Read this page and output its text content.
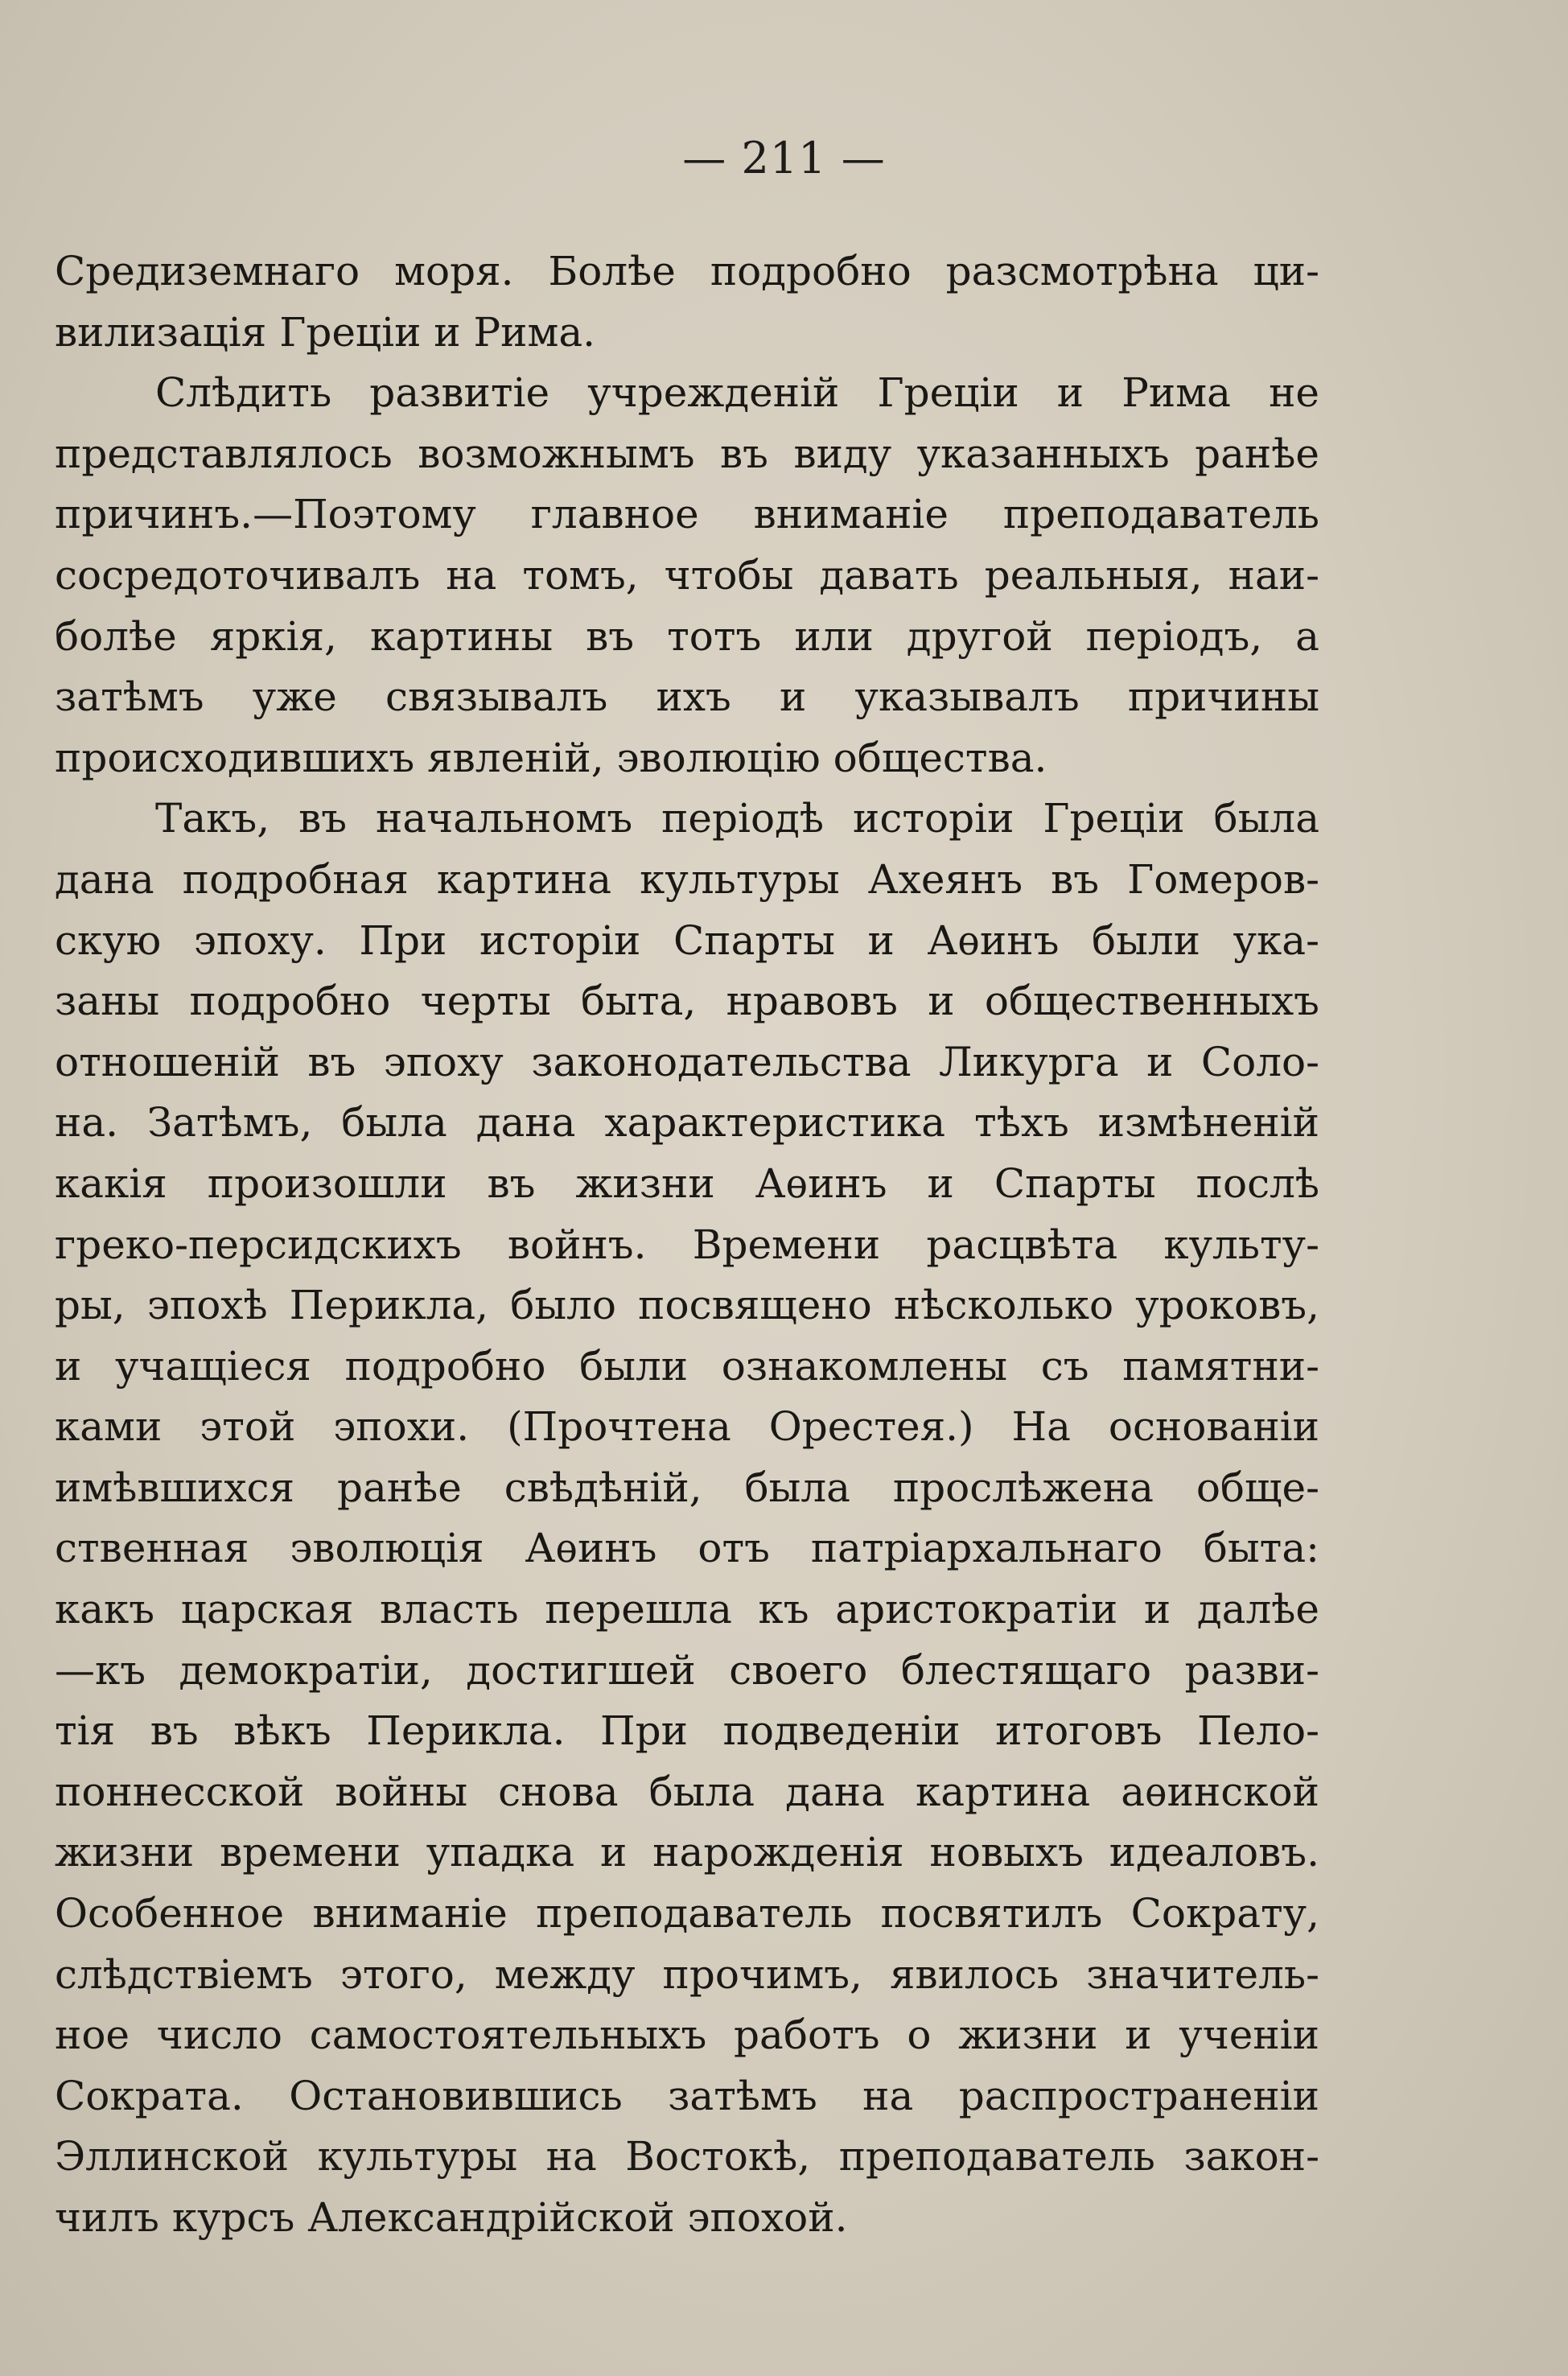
— 211 —
Средиземнаго моря. Болѣе подробно разсмотрѣна ци-
вилизація Греціи и Рима.
Слѣдить развитіе учрежденій Греціи и Рима не
представлялось возможнымъ въ виду указанныхъ ранѣе
причинъ.—Поэтому главное вниманіе преподаватель
сосредоточивалъ на томъ, чтобы давать реальныя, наи-
болѣе яркія, картины въ тотъ или другой періодъ, а
затѣмъ уже связывалъ ихъ и указывалъ причины
происходившихъ явленій, эволюцію общества.
Такъ, въ начальномъ періодѣ исторіи Греціи была
дана подробная картина культуры Ахеянъ въ Гомеров-
скую эпоху. При исторіи Спарты и Аѳинъ были ука-
заны подробно черты быта, нравовъ и общественныхъ
отношеній въ эпоху законодательства Ликурга и Соло-
на. Затѣмъ, была дана характеристика тѣхъ измѣненій
какія произошли въ жизни Аѳинъ и Спарты послѣ
греко-персидскихъ войнъ. Времени расцвѣта культу-
ры, эпохѣ Перикла, было посвящено нѣсколько уроковъ,
и учащіеся подробно были ознакомлены съ памятни-
ками этой эпохи. (Прочтена Орестея.) На основаніи
имѣвшихся ранѣе свѣдѣній, была прослѣжена обще-
ственная эволюція Аѳинъ отъ патріархальнаго быта:
какъ царская власть перешла къ аристократіи и далѣе
—къ демократіи, достигшей своего блестящаго разви-
тія въ вѣкъ Перикла. При подведеніи итоговъ Пело-
поннесской войны снова была дана картина аѳинской
жизни времени упадка и нарожденія новыхъ идеаловъ.
Особенное вниманіе преподаватель посвятилъ Сократу,
слѣдствіемъ этого, между прочимъ, явилось значитель-
ное число самостоятельныхъ работъ о жизни и ученіи
Сократа. Остановившись затѣмъ на распространеніи
Эллинской культуры на Востокѣ, преподаватель закон-
чилъ курсъ Александрійской эпохой.
